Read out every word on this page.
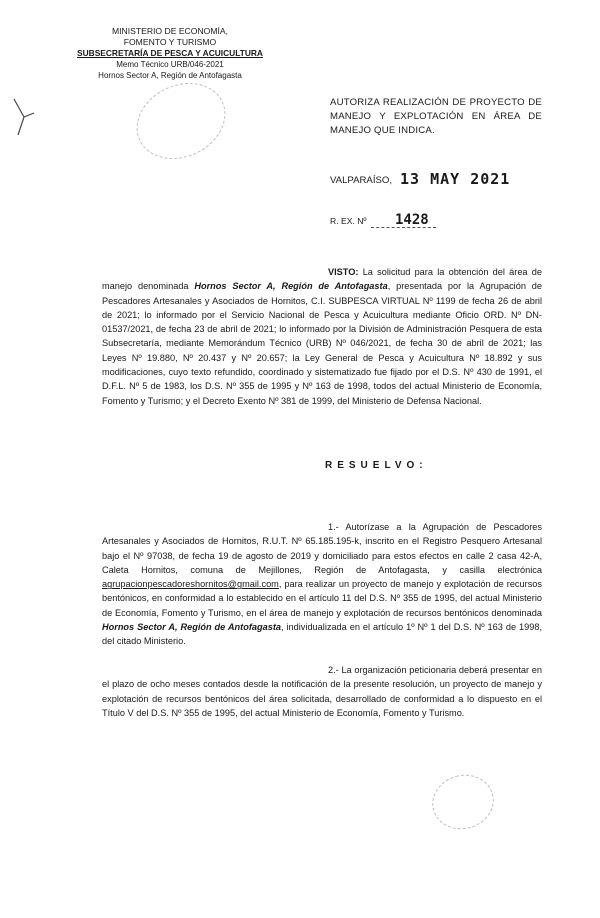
MINISTERIO DE ECONOMÍA,
FOMENTO Y TURISMO
SUBSECRETARÍA DE PESCA Y ACUICULTURA
Memo Técnico URB/046-2021
Hornos Sector A, Región de Antofagasta
AUTORIZA REALIZACIÓN DE PROYECTO DE MANEJO Y EXPLOTACIÓN EN ÁREA DE MANEJO QUE INDICA.
VALPARAÍSO, 13 MAY 2021
R. EX. Nº 1428
VISTO: La solicitud para la obtención del área de manejo denominada Hornos Sector A, Región de Antofagasta, presentada por la Agrupación de Pescadores Artesanales y Asociados de Hornitos, C.I. SUBPESCA VIRTUAL Nº 1199 de fecha 26 de abril de 2021; lo informado por el Servicio Nacional de Pesca y Acuicultura mediante Oficio ORD. Nº DN-01537/2021, de fecha 23 de abril de 2021; lo informado por la División de Administración Pesquera de esta Subsecretaría, mediante Memorándum Técnico (URB) Nº 046/2021, de fecha 30 de abril de 2021; las Leyes Nº 19.880, Nº 20.437 y Nº 20.657; la Ley General de Pesca y Acuicultura Nº 18.892 y sus modificaciones, cuyo texto refundido, coordinado y sistematizado fue fijado por el D.S. Nº 430 de 1991, el D.F.L. Nº 5 de 1983, los D.S. Nº 355 de 1995 y Nº 163 de 1998, todos del actual Ministerio de Economía, Fomento y Turismo; y el Decreto Exento Nº 381 de 1999, del Ministerio de Defensa Nacional.
RESUELVO:
1.- Autorízase a la Agrupación de Pescadores Artesanales y Asociados de Hornitos, R.U.T. Nº 65.185.195-k, inscrito en el Registro Pesquero Artesanal bajo el Nº 97038, de fecha 19 de agosto de 2019 y domiciliado para estos efectos en calle 2 casa 42-A, Caleta Hornitos, comuna de Mejillones, Región de Antofagasta, y casilla electrónica agrupacionpescadoreshornitos@gmail.com, para realizar un proyecto de manejo y explotación de recursos bentónicos, en conformidad a lo establecido en el artículo 11 del D.S. Nº 355 de 1995, del actual Ministerio de Economía, Fomento y Turismo, en el área de manejo y explotación de recursos bentónicos denominada Hornos Sector A, Región de Antofagasta, individualizada en el artículo 1º Nº 1 del D.S. Nº 163 de 1998, del citado Ministerio.
2.- La organización peticionaria deberá presentar en el plazo de ocho meses contados desde la notificación de la presente resolución, un proyecto de manejo y explotación de recursos bentónicos del área solicitada, desarrollado de conformidad a lo dispuesto en el Título V del D.S. Nº 355 de 1995, del actual Ministerio de Economía, Fomento y Turismo.
